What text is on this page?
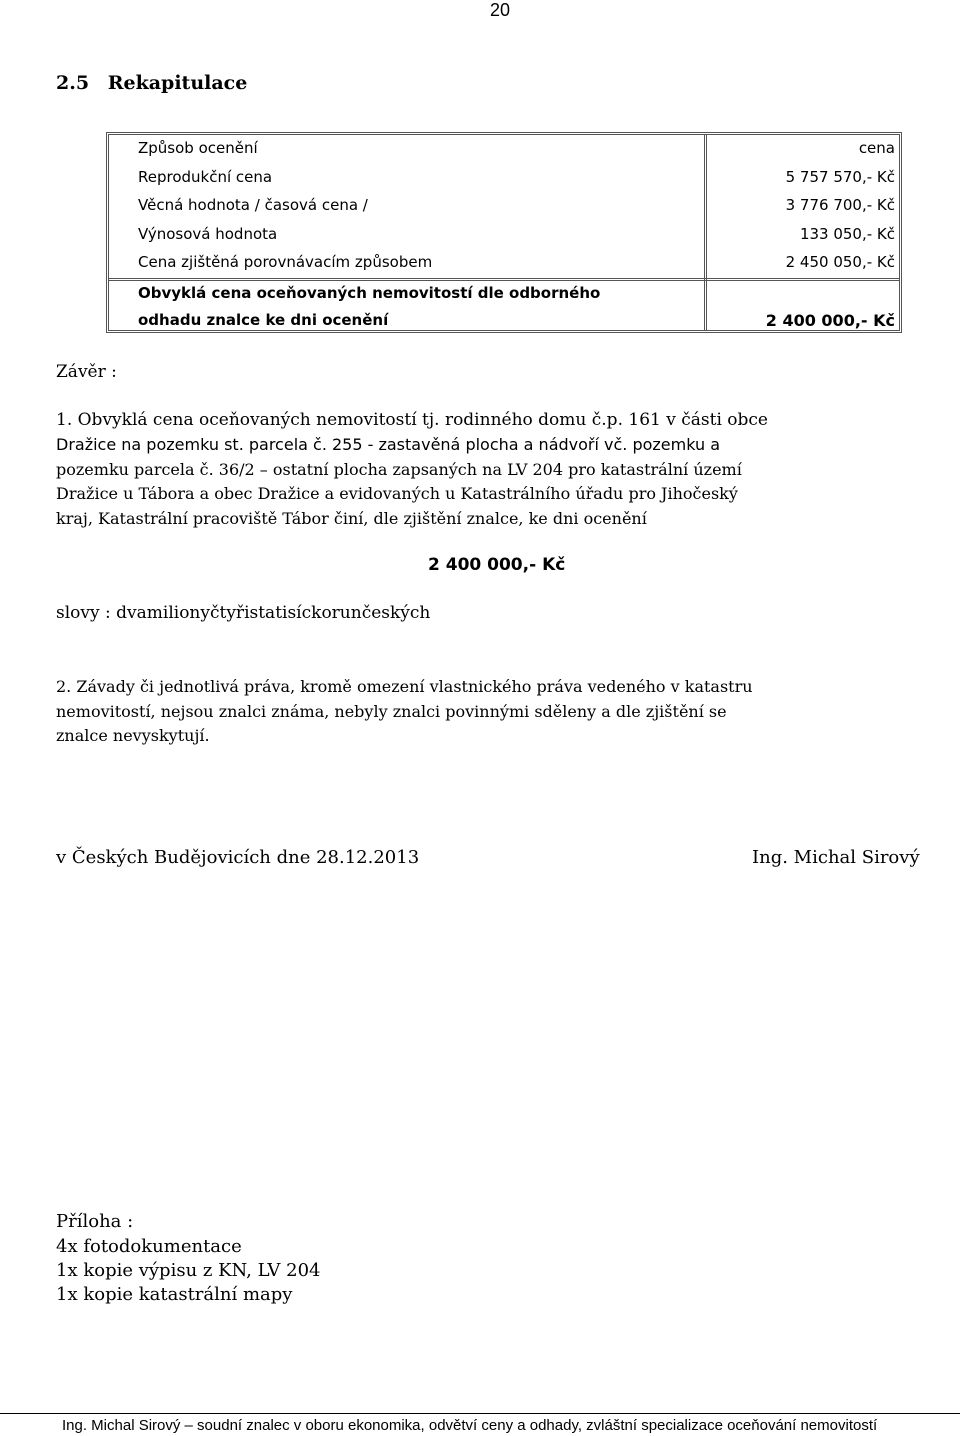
20
2.5 Rekapitulace
Způsob ocenění	cena
Reprodukční cena	5 757 570,- Kč
Věcná hodnota / časová cena /	3 776 700,- Kč
Výnosová hodnota	133 050,- Kč
Cena zjištěná porovnávacím způsobem	2 450 050,- Kč
Obvyklá cena oceňovaných nemovitostí dle odborného
odhadu znalce ke dni ocenění	2 400 000,- Kč
Závěr :
1. Obvyklá cena oceňovaných nemovitostí tj. rodinného domu č.p. 161 v části obce
Dražice na pozemku st. parcela č. 255 - zastavěná plocha a nádvoří vč. pozemku a
pozemku parcela č. 36/2 – ostatní plocha zapsaných na LV 204 pro katastrální území
Dražice u Tábora a obec Dražice a evidovaných u Katastrálního úřadu pro Jihočeský
kraj, Katastrální pracoviště Tábor činí, dle zjištění znalce, ke dni ocenění
2 400 000,- Kč
slovy : dvamilionyčtyřistatisíckorunčeských
2. Závady či jednotlivá práva, kromě omezení vlastnického práva vedeného v katastru
nemovitostí, nejsou znalci známa, nebyly znalci povinnými sděleny a dle zjištění se
znalce nevyskytují.
v Českých Budějovicích dne 28.12.2013	Ing. Michal Sirový
Příloha :
4x fotodokumentace
1x kopie výpisu z KN, LV 204
1x kopie katastrální mapy
Ing. Michal Sirový – soudní znalec v oboru ekonomika, odvětví ceny a odhady, zvláštní specializace oceňování nemovitostí
